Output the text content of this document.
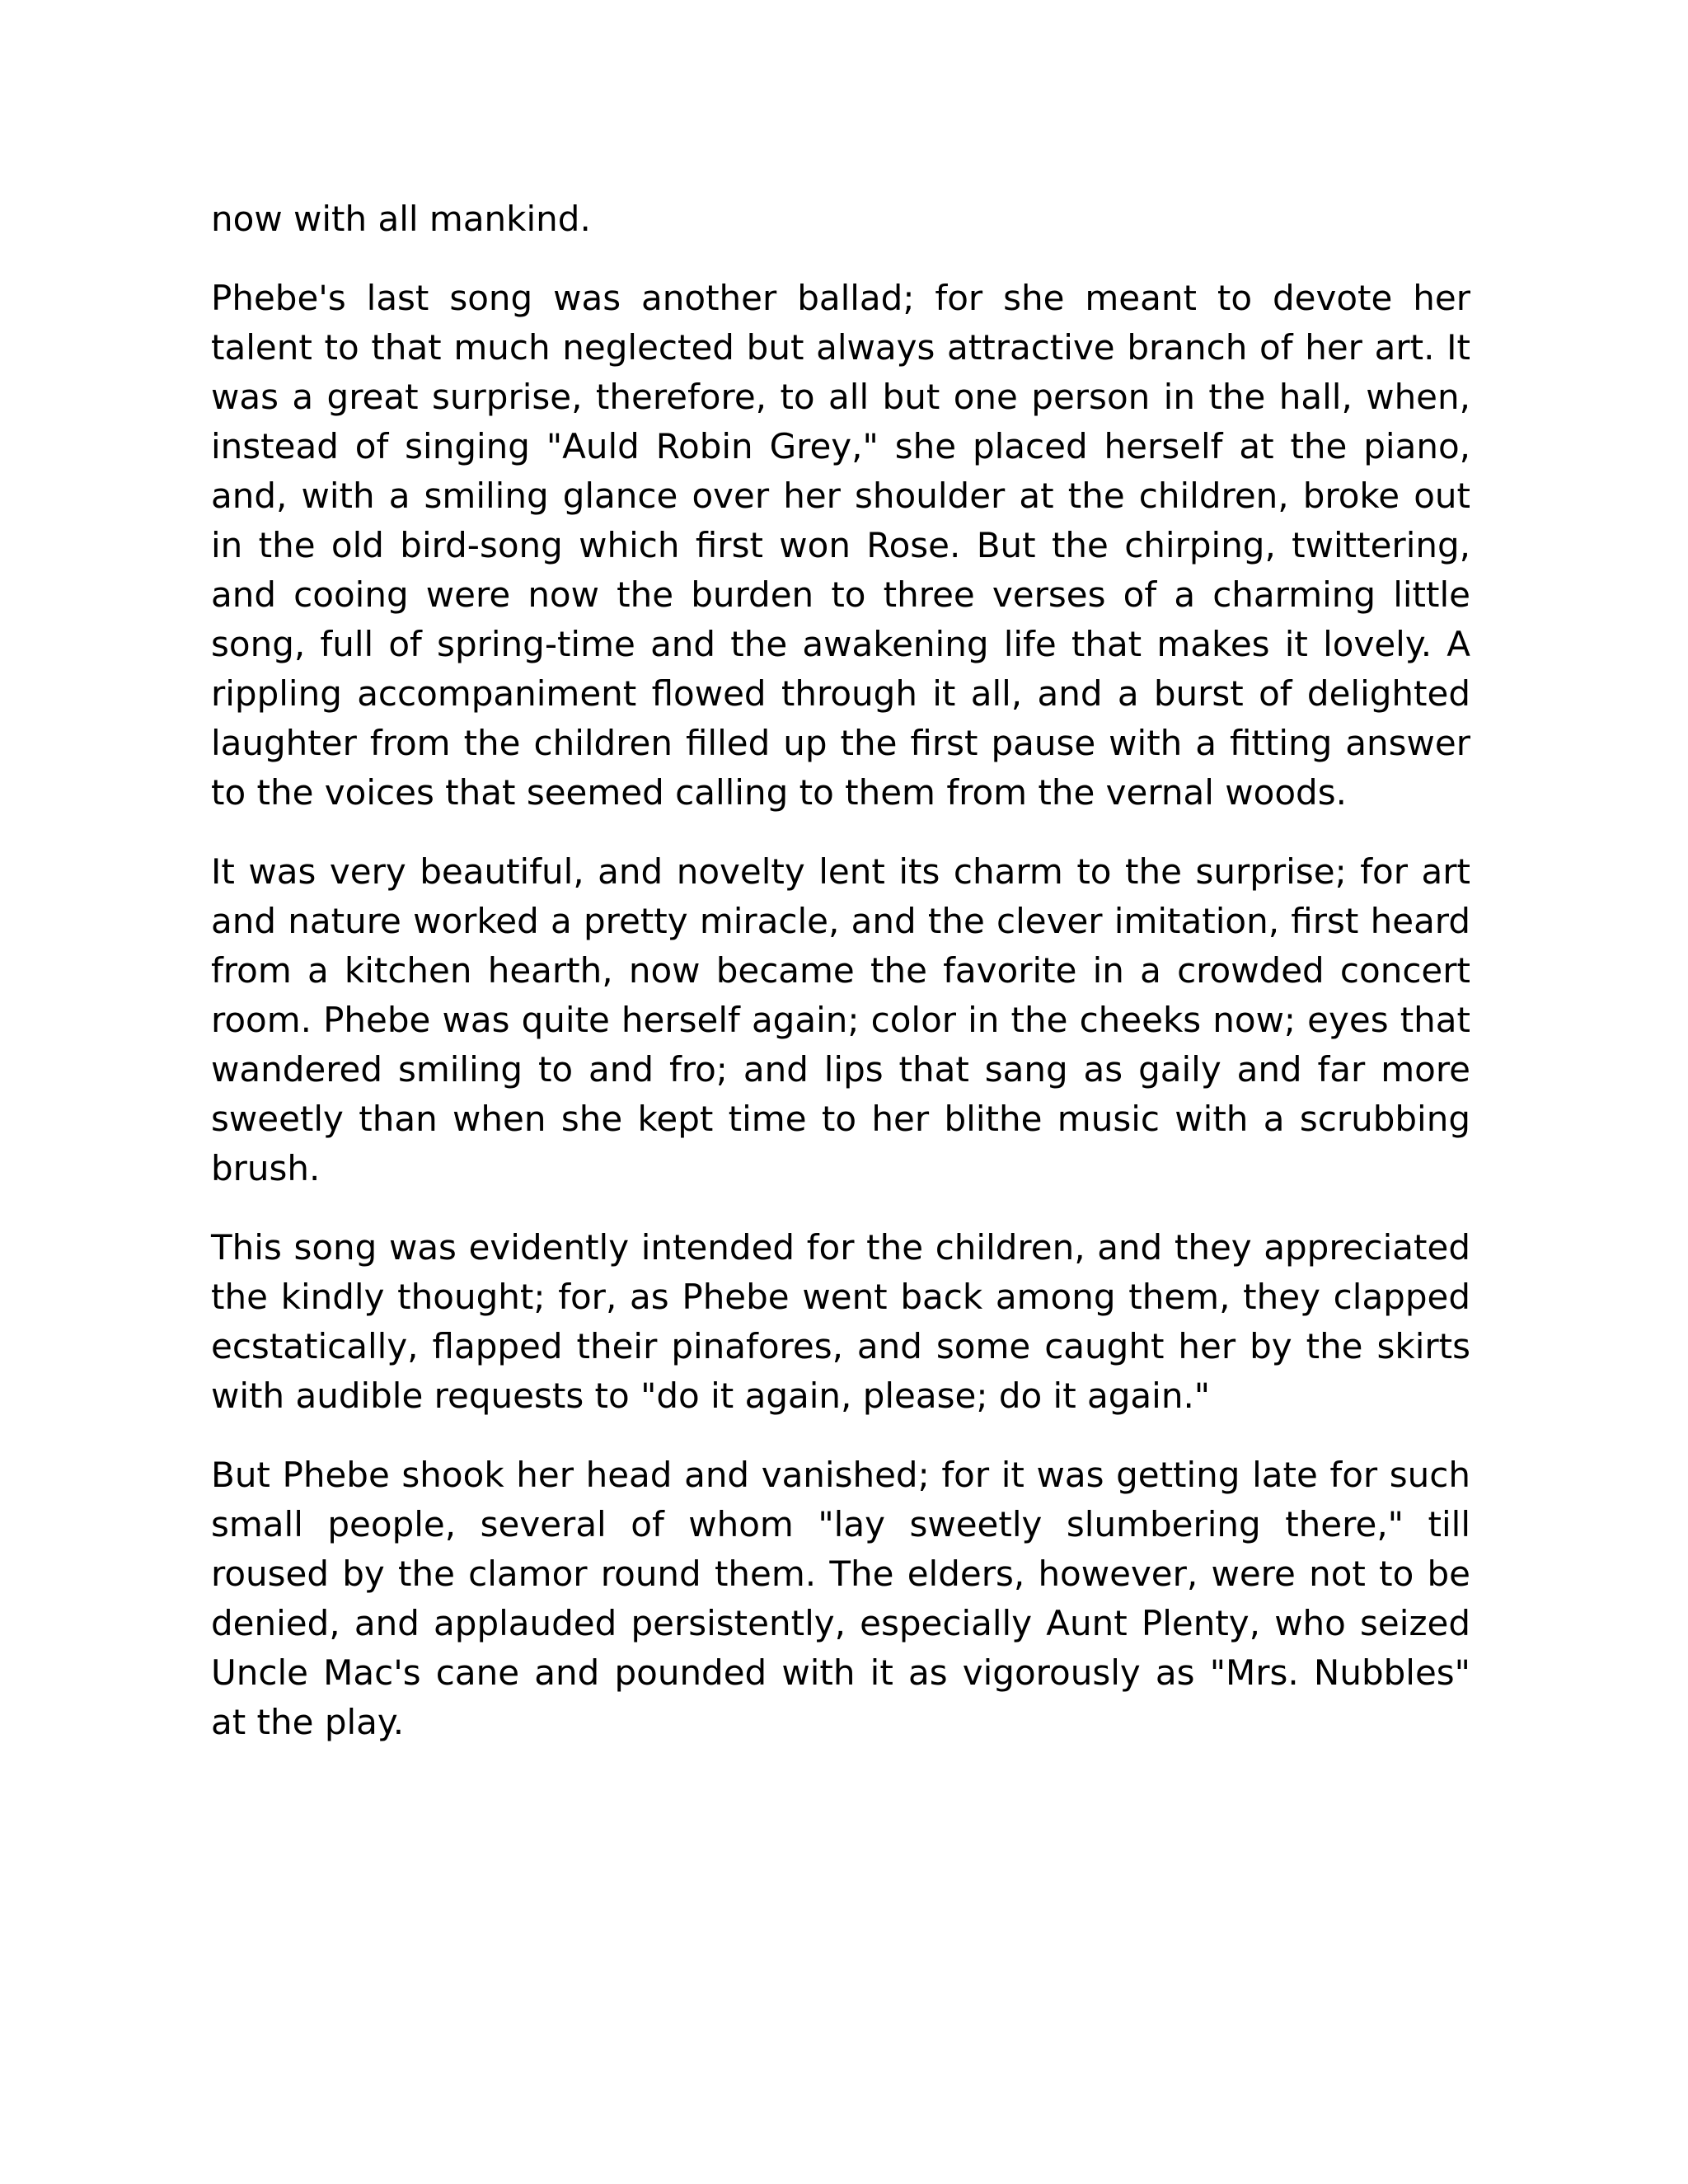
now with all mankind.

Phebe's last song was another ballad; for she meant to devote her talent to that much neglected but always attractive branch of her art. It was a great surprise, therefore, to all but one person in the hall, when, instead of singing "Auld Robin Grey," she placed herself at the piano, and, with a smiling glance over her shoulder at the children, broke out in the old bird-song which first won Rose. But the chirping, twittering, and cooing were now the burden to three verses of a charming little song, full of spring-time and the awakening life that makes it lovely. A rippling accompaniment flowed through it all, and a burst of delighted laughter from the children filled up the first pause with a fitting answer to the voices that seemed calling to them from the vernal woods.

It was very beautiful, and novelty lent its charm to the surprise; for art and nature worked a pretty miracle, and the clever imitation, first heard from a kitchen hearth, now became the favorite in a crowded concert room. Phebe was quite herself again; color in the cheeks now; eyes that wandered smiling to and fro; and lips that sang as gaily and far more sweetly than when she kept time to her blithe music with a scrubbing brush.

This song was evidently intended for the children, and they appreciated the kindly thought; for, as Phebe went back among them, they clapped ecstatically, flapped their pinafores, and some caught her by the skirts with audible requests to "do it again, please; do it again."

But Phebe shook her head and vanished; for it was getting late for such small people, several of whom "lay sweetly slumbering there," till roused by the clamor round them. The elders, however, were not to be denied, and applauded persistently, especially Aunt Plenty, who seized Uncle Mac's cane and pounded with it as vigorously as "Mrs. Nubbles" at the play.
